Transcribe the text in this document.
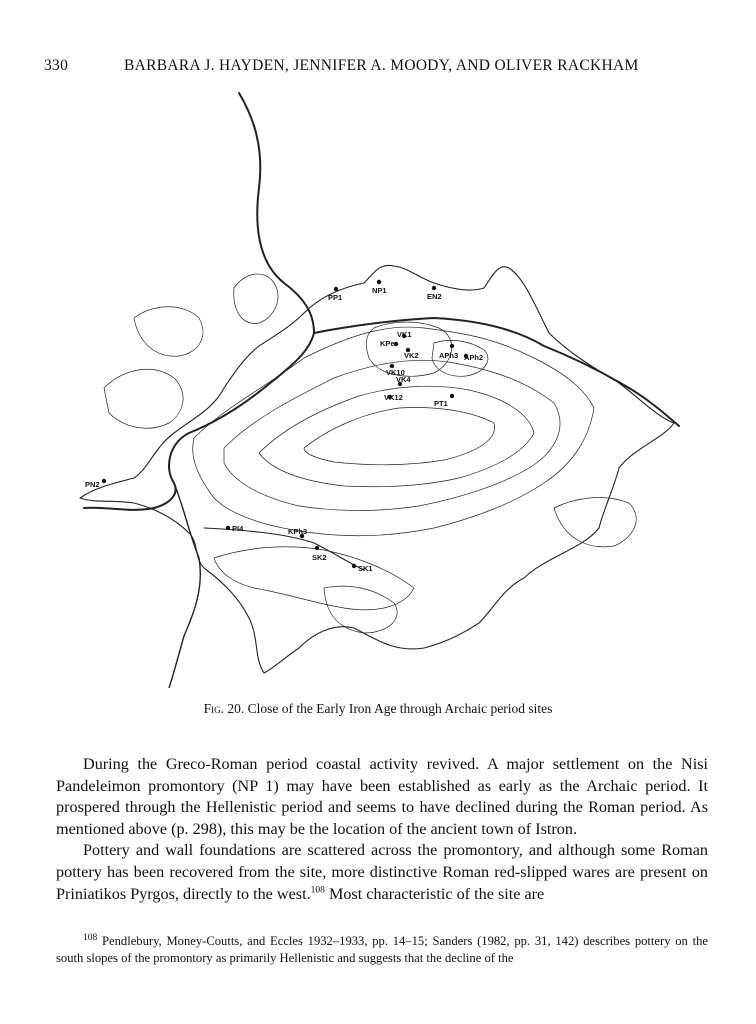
330	BARBARA J. HAYDEN, JENNIFER A. MOODY, AND OLIVER RACKHAM
PP1
NP1
EN2
VK1
KPe
VK2	APh3 APh2
VK10
VK4
VK12
PT1
PN2
PI4	KPh3
SK2
SK1
Fig. 20. Close of the Early Iron Age through Archaic period sites

During the Greco-Roman period coastal activity revived. A major settlement on the Nisi Pandeleimon promontory (NP 1) may have been established as early as the Archaic period. It prospered through the Hellenistic period and seems to have declined during the Roman period. As mentioned above (p. 298), this may be the location of the ancient town of Istron.

Pottery and wall foundations are scattered across the promontory, and although some Roman pottery has been recovered from the site, more distinctive Roman red-slipped wares are present on Priniatikos Pyrgos, directly to the west.$^{108}$ Most characteristic of the site are

$^{108}$ Pendlebury, Money-Coutts, and Eccles 1932–1933, pp. 14–15; Sanders (1982, pp. 31, 142) describes pottery on the south slopes of the promontory as primarily Hellenistic and suggests that the decline of the
